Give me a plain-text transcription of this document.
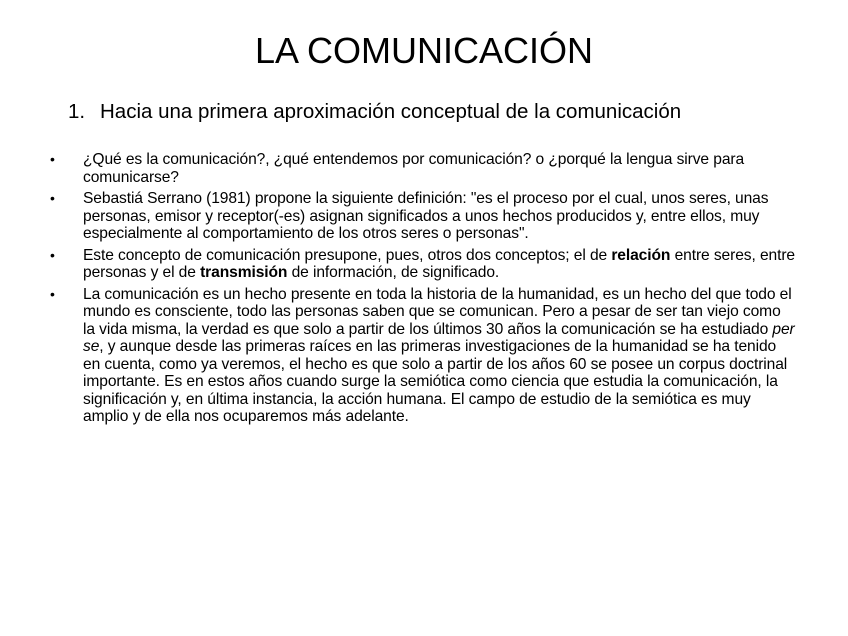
LA COMUNICACIÓN
1. Hacia una primera aproximación conceptual de la comunicación
• ¿Qué es la comunicación?, ¿qué entendemos por comunicación? o ¿porqué la lengua sirve para comunicarse?
• Sebastiá Serrano (1981) propone la siguiente definición: "es el proceso por el cual, unos seres, unas personas, emisor y receptor(-es) asignan significados a unos hechos producidos y, entre ellos, muy especialmente al comportamiento de los otros seres o personas".
• Este concepto de comunicación presupone, pues, otros dos conceptos; el de relación entre seres, entre personas y el de transmisión de información, de significado.
• La comunicación es un hecho presente en toda la historia de la humanidad, es un hecho del que todo el mundo es consciente, todo las personas saben que se comunican. Pero a pesar de ser tan viejo como la vida misma, la verdad es que solo a partir de los últimos 30 años la comunicación se ha estudiado per se, y aunque desde las primeras raíces en las primeras investigaciones de la humanidad se ha tenido en cuenta, como ya veremos, el hecho es que solo a partir de los años 60 se posee un corpus doctrinal importante. Es en estos años cuando surge la semiótica como ciencia que estudia la comunicación, la significación y, en última instancia, la acción humana. El campo de estudio de la semiótica es muy amplio y de ella nos ocuparemos más adelante.
